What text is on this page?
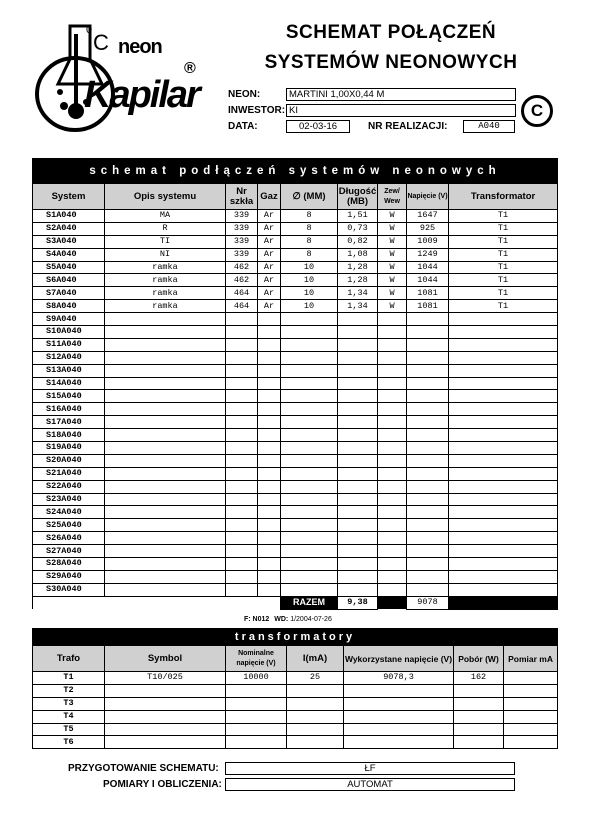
0 C neon
®
Kapilar
SCHEMAT POŁĄCZEŃ
SYSTEMÓW NEONOWYCH
NEON:	MARTINI 1,00X0,44 M
INWESTOR: KI
DATA:	02-03-16	NR REALIZACJI:	A040
C
schemat podłączeń systemów neonowych								
System	Opis systemu	Nr szkła	Gaz	∅ (MM)	Długość (MB)	Zew/ Wew	Napięcie (V)	Transformator
S1A040	MA	339	Ar	8	1,51	W	1647	T1
S2A040	R	339	Ar	8	0,73	W	925	T1
S3A040	TI	339	Ar	8	0,82	W	1009	T1
S4A040	NI	339	Ar	8	1,08	W	1249	T1
S5A040	ramka	462	Ar	10	1,28	W	1044	T1
S6A040	ramka	462	Ar	10	1,28	W	1044	T1
S7A040	ramka	464	Ar	10	1,34	W	1081	T1
S8A040	ramka	464	Ar	10	1,34	W	1081	T1
S9A040								
S10A040								
S11A040								
S12A040								
S13A040								
S14A040								
S15A040								
S16A040								
S17A040								
S18A040								
S19A040								
S20A040								
S21A040								
S22A040								
S23A040								
S24A040								
S25A040								
S26A040								
S27A040								
S28A040								
S29A040								
S30A040								
				RAZEM	9,38		9078	
F: N012 WD: 1/2004-07-26
transformatory						
Trafo	Symbol	Nominalne napięcie (V)	I(mA)	Wykorzystane napięcie (V)	Pobór (W)	Pomiar mA
T1	T10/025	10000	25	9078,3	162	
T2						
T3						
T4						
T5						
T6						
PRZYGOTOWANIE SCHEMATU:	ŁF
POMIARY I OBLICZENIA:	AUTOMAT
